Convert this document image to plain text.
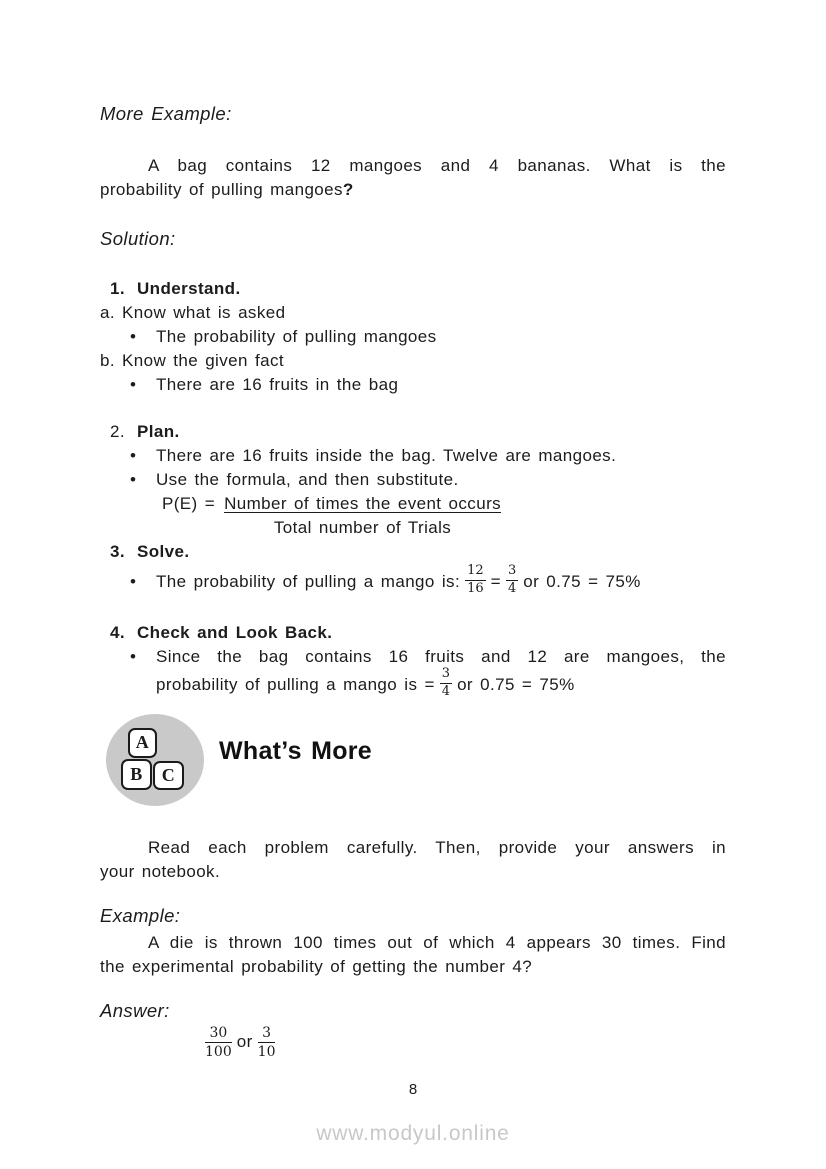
More Example:

A bag contains 12 mangoes and 4 bananas. What is the
probability of pulling mangoes?

Solution:

1. Understand.
a. Know what is asked
•
The probability of pulling mangoes
b. Know the given fact
•
There are 16 fruits in the bag
2. Plan.
•
There are 16 fruits inside the bag. Twelve are mangoes.
•
Use the formula, and then substitute.
$P(E) = \frac{\text{Number of times the event occurs}}{\text{Total number of Trials}}$
3. Solve.
•
The probability of pulling a mango is: $\frac{12}{16} = \frac{3}{4}$ or 0.75 = 75%
4. Check and Look Back.
•
Since the bag contains 16 fruits and 12 are mangoes, the
probability of pulling a mango is = $\frac{3}{4}$ or 0.75 = 75%
A
B C
What’s More

Read each problem carefully. Then, provide your answers in
your notebook.

Example:

A die is thrown 100 times out of which 4 appears 30 times. Find
the experimental probability of getting the number 4?

Answer:

$\frac{30}{100}$ or $\frac{3}{10}$
8
www.modyul.online
